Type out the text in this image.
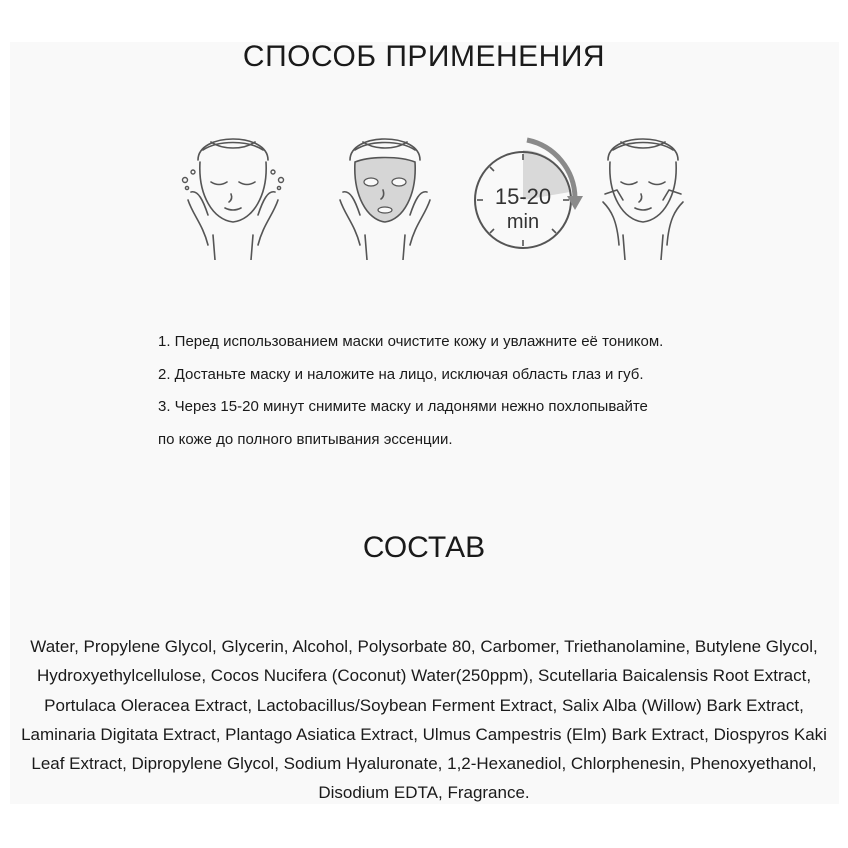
СПОСОБ ПРИМЕНЕНИЯ
15-20
min
1. Перед использованием маски очистите кожу и увлажните её тоником.
2. Достаньте маску и наложите на лицо, исключая область глаз и губ.
3. Через 15-20 минут снимите маску и ладонями нежно похлопывайте
по коже до полного впитывания эссенции.
СОСТАВ

Water, Propylene Glycol, Glycerin, Alcohol, Polysorbate 80, Carbomer, Triethanolamine, Butylene Glycol, Hydroxyethylcellulose, Cocos Nucifera (Coconut) Water(250ppm), Scutellaria Baicalensis Root Extract, Portulaca Oleracea Extract, Lactobacillus/Soybean Ferment Extract, Salix Alba (Willow) Bark Extract, Laminaria Digitata Extract, Plantago Asiatica Extract, Ulmus Campestris (Elm) Bark Extract, Diospyros Kaki Leaf Extract, Dipropylene Glycol, Sodium Hyaluronate, 1,2-Hexanediol, Chlorphenesin, Phenoxyethanol, Disodium EDTA, Fragrance.
